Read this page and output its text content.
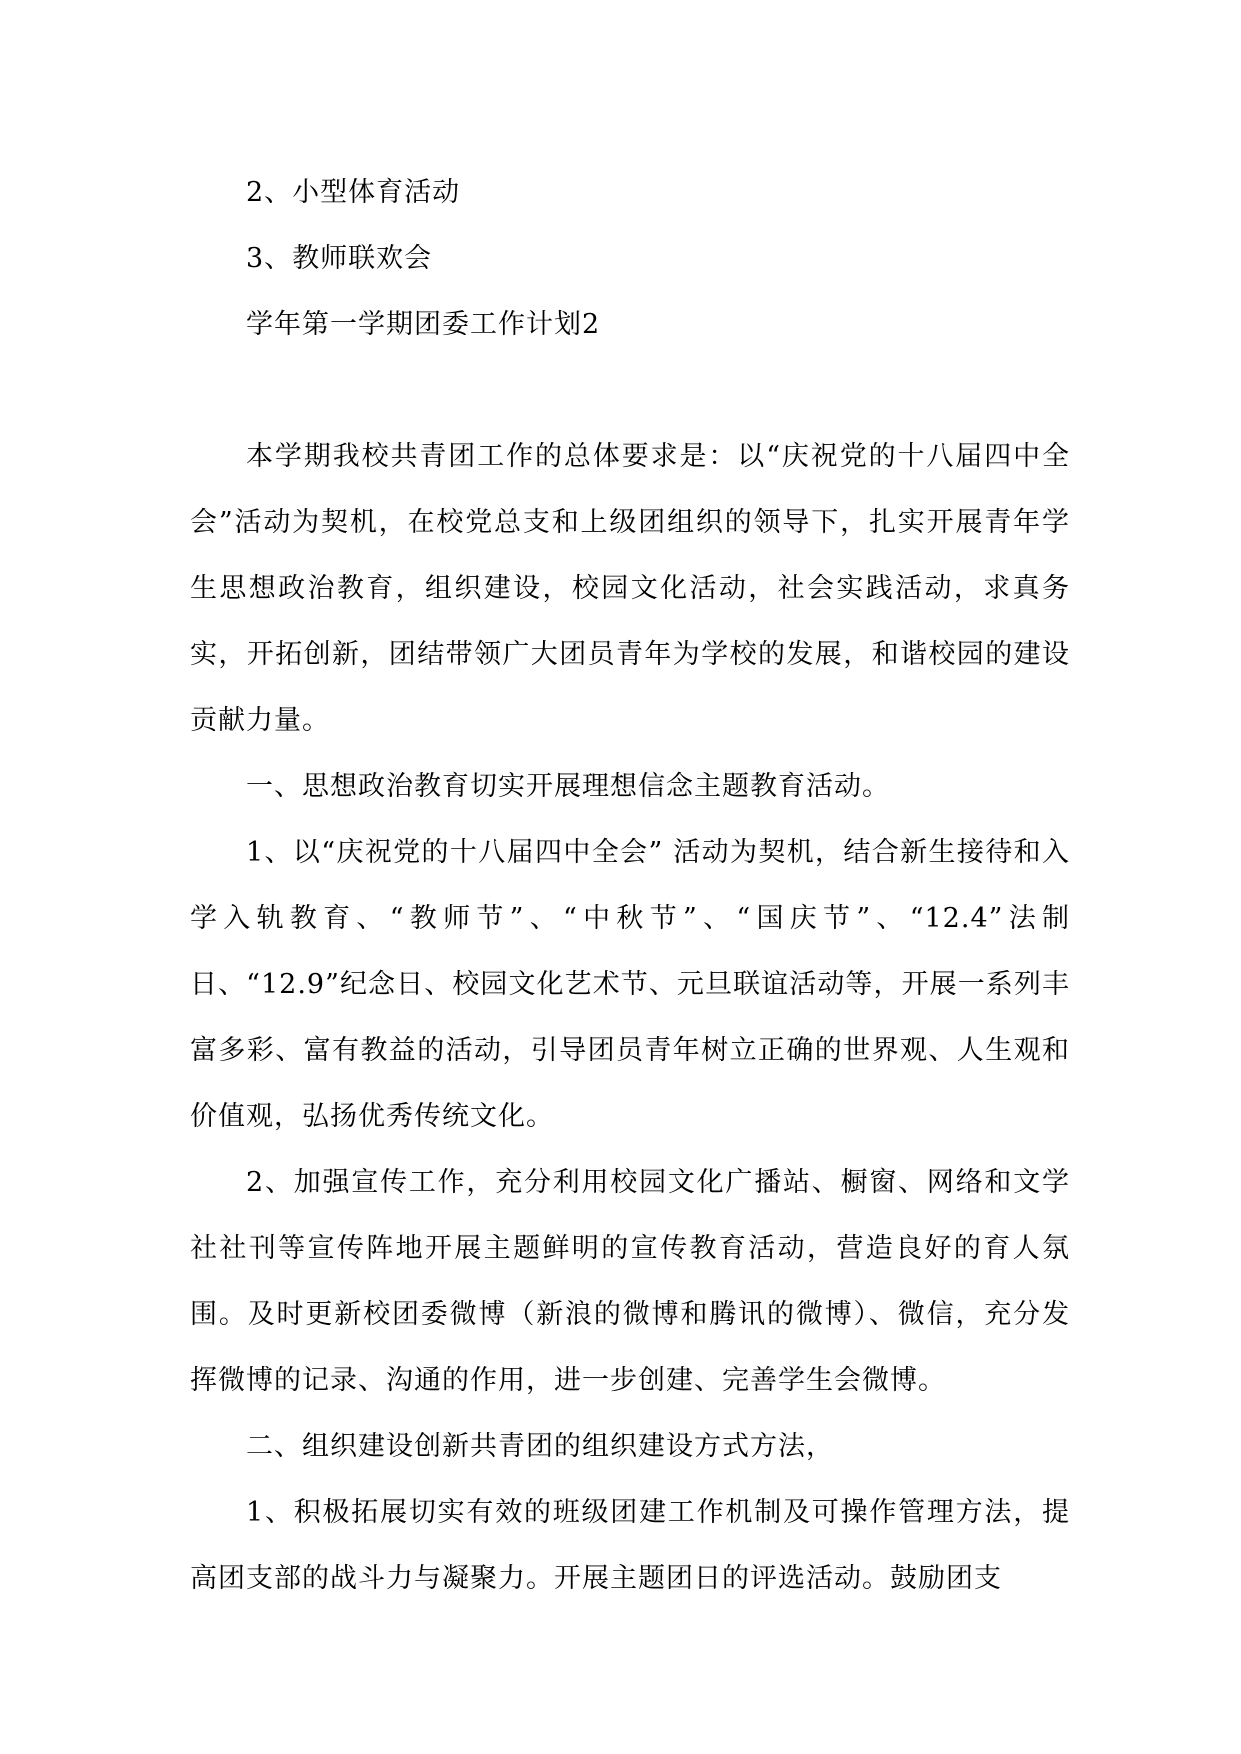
2、小型体育活动

3、教师联欢会

学年第一学期团委工作计划2

本学期我校共青团工作的总体要求是：以“庆祝党的十八届四中全会”活动为契机，在校党总支和上级团组织的领导下，扎实开展青年学生思想政治教育，组织建设，校园文化活动，社会实践活动，求真务实，开拓创新，团结带领广大团员青年为学校的发展，和谐校园的建设贡献力量。

一、思想政治教育切实开展理想信念主题教育活动。

1、以“庆祝党的十八届四中全会” 活动为契机，结合新生接待和入学入轨教育、“教师节”、“中秋节”、“国庆节”、“12.4”法制日、“12.9”纪念日、校园文化艺术节、元旦联谊活动等，开展一系列丰富多彩、富有教益的活动，引导团员青年树立正确的世界观、人生观和价值观，弘扬优秀传统文化。

2、加强宣传工作，充分利用校园文化广播站、橱窗、网络和文学社社刊等宣传阵地开展主题鲜明的宣传教育活动，营造良好的育人氛围。及时更新校团委微博（新浪的微博和腾讯的微博）、微信，充分发挥微博的记录、沟通的作用，进一步创建、完善学生会微博。

二、组织建设创新共青团的组织建设方式方法，

1、积极拓展切实有效的班级团建工作机制及可操作管理方法，提高团支部的战斗力与凝聚力。开展主题团日的评选活动。鼓励团支
